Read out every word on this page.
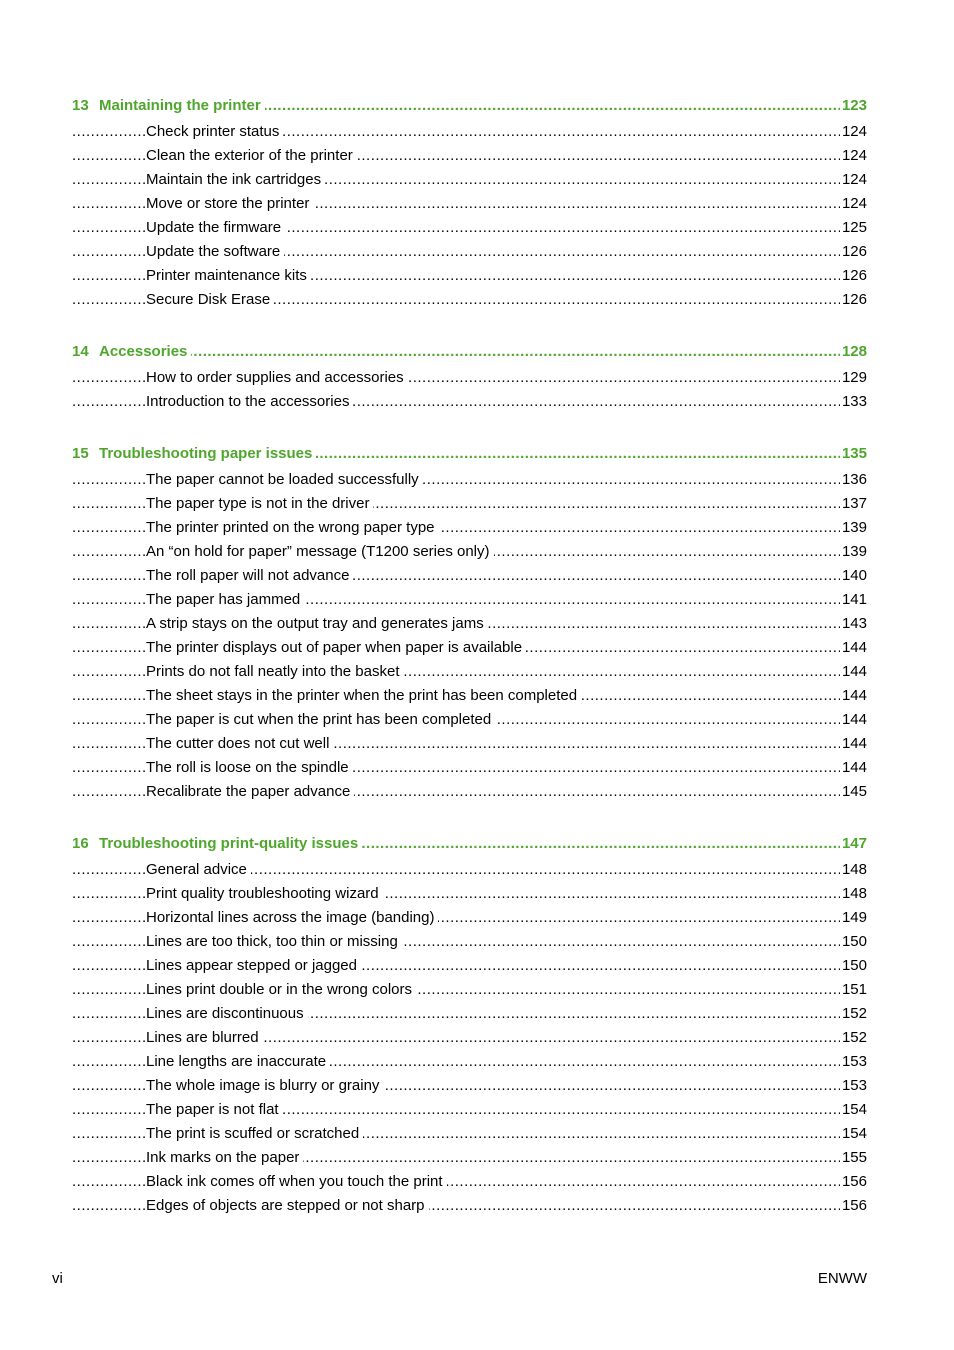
.....
13 Maintaining the printer	123
.....
Check printer status	124
.....
Clean the exterior of the printer	124
.....
Maintain the ink cartridges	124
.....
Move or store the printer	124
.....
Update the firmware	125
.....
Update the software	126
.....
Printer maintenance kits	126
.....
Secure Disk Erase	126
.....
14 Accessories	128
.....
How to order supplies and accessories	129
.....
Introduction to the accessories	133
.....
15 Troubleshooting paper issues	135
.....
The paper cannot be loaded successfully	136
.....
The paper type is not in the driver	137
.....
The printer printed on the wrong paper type	139
.....
An “on hold for paper” message (T1200 series only)	139
.....
The roll paper will not advance	140
.....
The paper has jammed	141
.....
A strip stays on the output tray and generates jams	143
.....
The printer displays out of paper when paper is available	144
.....
Prints do not fall neatly into the basket	144
.....
The sheet stays in the printer when the print has been completed	144
.....
The paper is cut when the print has been completed	144
.....
The cutter does not cut well	144
.....
The roll is loose on the spindle	144
.....
Recalibrate the paper advance	145
.....
16 Troubleshooting print-quality issues	147
.....
General advice	148
.....
Print quality troubleshooting wizard	148
.....
Horizontal lines across the image (banding)	149
.....
Lines are too thick, too thin or missing	150
.....
Lines appear stepped or jagged	150
.....
Lines print double or in the wrong colors	151
.....
Lines are discontinuous	152
.....
Lines are blurred	152
.....
Line lengths are inaccurate	153
.....
The whole image is blurry or grainy	153
.....
The paper is not flat	154
.....
The print is scuffed or scratched	154
.....
Ink marks on the paper	155
.....
Black ink comes off when you touch the print	156
.....
Edges of objects are stepped or not sharp	156
vi	ENWW
